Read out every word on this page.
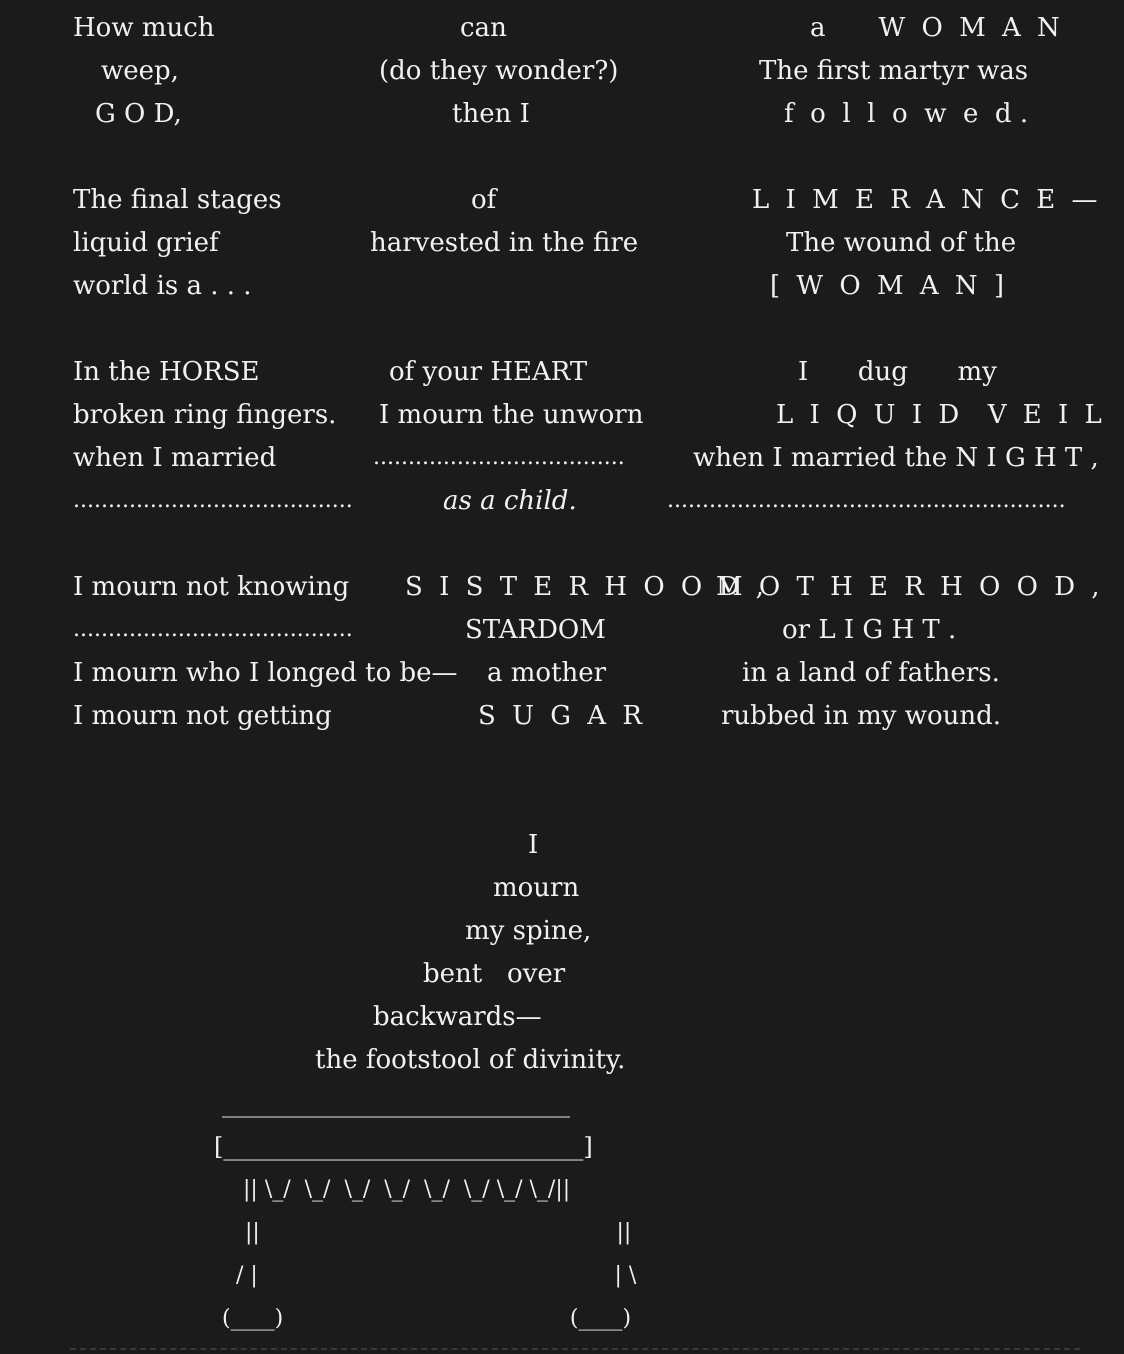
How much
weep,
G O D,
can
(do they wonder?)
then I
a    W O M A N
The first martyr was
f  o  l  l  o  w  e  d .
The final stages
liquid grief
world is a . . .
of
harvested in the fire
L I M E R A N C E —
The wound of the
[ W O M A N ]
In the HORSE
broken ring fingers.
when I married
........................................
of your HEART
I mourn the unworn
....................................
as a child.
I      dug      my
L I Q U I D  V E I L
when I married the N I G H T ,
.........................................................
I mourn not knowing
........................................
I mourn who I longed to be—
I mourn not getting
S I S T E R H O O D ,
STARDOM
a mother
S U G A R
M O T H E R H O O D ,
or L I G H T .
in a land of fathers.
rubbed in my wound.
I
mourn
my spine,
bent   over
backwards—
the footstool of divinity.
_____________________________
[______________________________]
|| \_/  \_/  \_/  \_/  \_/  \_/ \_/ \_/||
||                                                   ||
/ |                                                   | \
(____)                                         (____)
